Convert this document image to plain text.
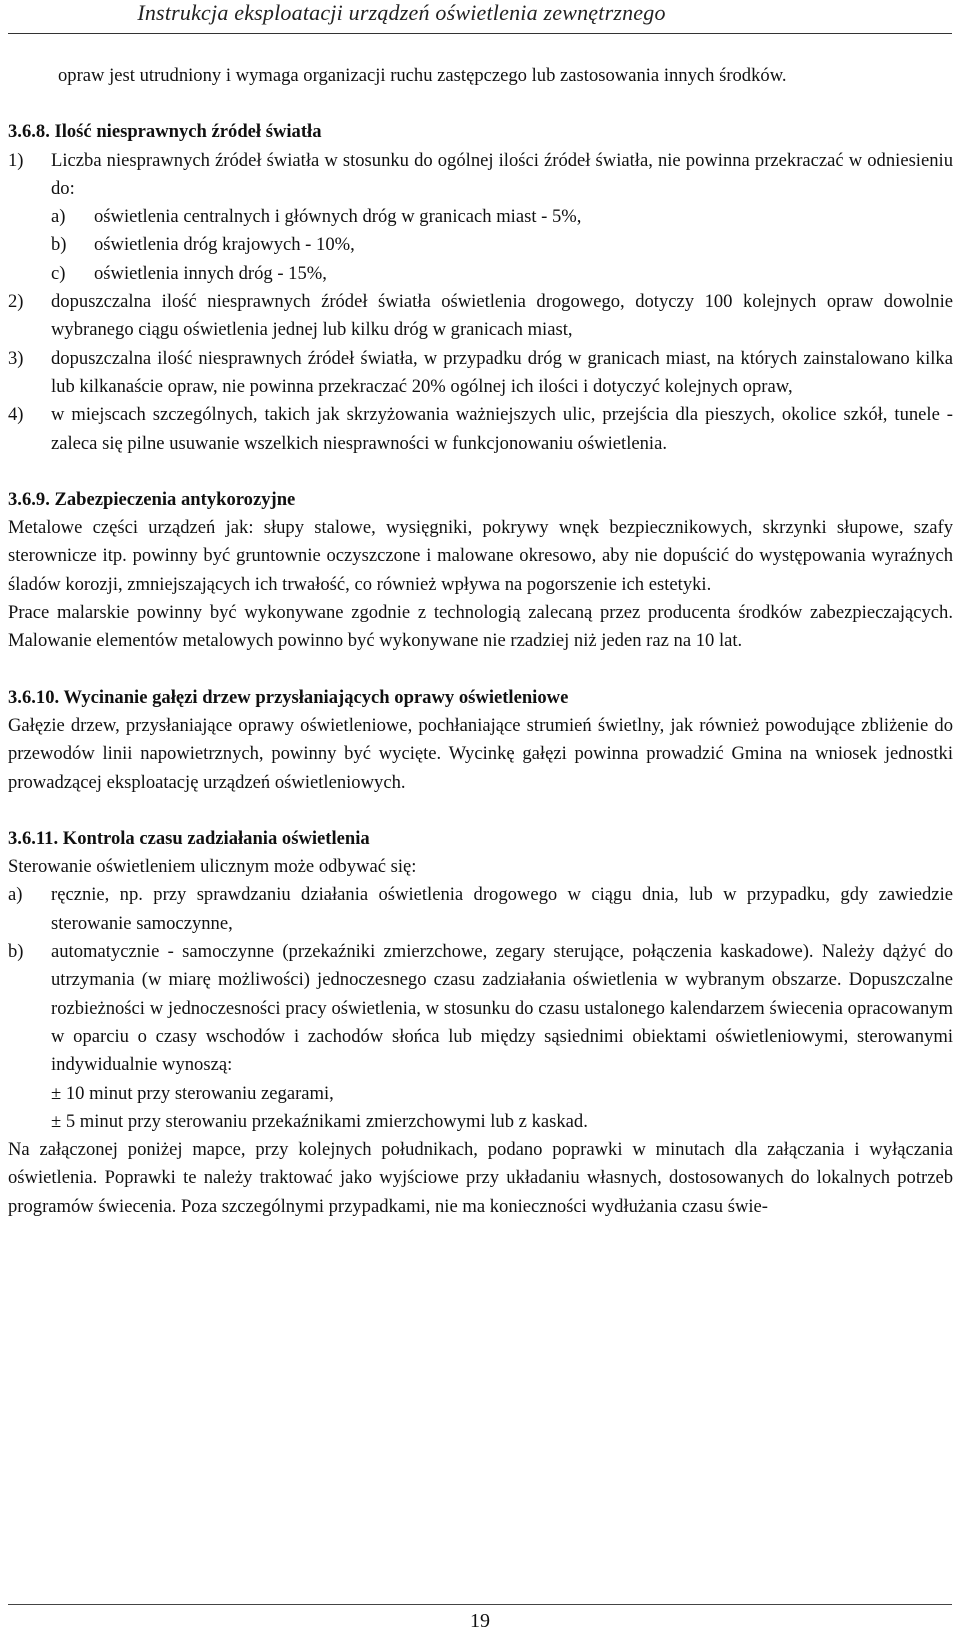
Instrukcja eksploatacji urządzeń oświetlenia zewnętrznego

opraw jest utrudniony i wymaga organizacji ruchu zastępczego lub zastosowania innych środków.

3.6.8. Ilość niesprawnych źródeł światła

1) Liczba niesprawnych źródeł światła w stosunku do ogólnej ilości źródeł światła, nie powinna przekraczać w odniesieniu do:

a) oświetlenia centralnych i głównych dróg w granicach miast - 5%,

b) oświetlenia dróg krajowych - 10%,

c) oświetlenia innych dróg - 15%,

2) dopuszczalna ilość niesprawnych źródeł światła oświetlenia drogowego, dotyczy 100 kolejnych opraw dowolnie wybranego ciągu oświetlenia jednej lub kilku dróg w granicach miast,

3) dopuszczalna ilość niesprawnych źródeł światła, w przypadku dróg w granicach miast, na których zainstalowano kilka lub kilkanaście opraw, nie powinna przekraczać 20% ogólnej ich ilości i dotyczyć kolejnych opraw,

4) w miejscach szczególnych, takich jak skrzyżowania ważniejszych ulic, przejścia dla pieszych, okolice szkół, tunele - zaleca się pilne usuwanie wszelkich niesprawności w funkcjonowaniu oświetlenia.

3.6.9. Zabezpieczenia antykorozyjne

Metalowe części urządzeń jak: słupy stalowe, wysięgniki, pokrywy wnęk bezpiecznikowych, skrzynki słupowe, szafy sterownicze itp. powinny być gruntownie oczyszczone i malowane okresowo, aby nie dopuścić do występowania wyraźnych śladów korozji, zmniejszających ich trwałość, co również wpływa na pogorszenie ich estetyki.

Prace malarskie powinny być wykonywane zgodnie z technologią zalecaną przez producenta środków zabezpieczających. Malowanie elementów metalowych powinno być wykonywane nie rzadziej niż jeden raz na 10 lat.

3.6.10. Wycinanie gałęzi drzew przysłaniających oprawy oświetleniowe

Gałęzie drzew, przysłaniające oprawy oświetleniowe, pochłaniające strumień świetlny, jak również powodujące zbliżenie do przewodów linii napowietrznych, powinny być wycięte. Wycinkę gałęzi powinna prowadzić Gmina na wniosek jednostki prowadzącej eksploatację urządzeń oświetleniowych.

3.6.11. Kontrola czasu zadziałania oświetlenia

Sterowanie oświetleniem ulicznym może odbywać się:

a) ręcznie, np. przy sprawdzaniu działania oświetlenia drogowego w ciągu dnia, lub w przypadku, gdy zawiedzie sterowanie samoczynne,

b) automatycznie - samoczynne (przekaźniki zmierzchowe, zegary sterujące, połączenia kaskadowe). Należy dążyć do utrzymania (w miarę możliwości) jednoczesnego czasu zadziałania oświetlenia w wybranym obszarze. Dopuszczalne rozbieżności w jednoczesności pracy oświetlenia, w stosunku do czasu ustalonego kalendarzem świecenia opracowanym w oparciu o czasy wschodów i zachodów słońca lub między sąsiednimi obiektami oświetleniowymi, sterowanymi indywidualnie wynoszą:

± 10 minut przy sterowaniu zegarami,

± 5 minut przy sterowaniu przekaźnikami zmierzchowymi lub z kaskad.

Na załączonej poniżej mapce, przy kolejnych południkach, podano poprawki w minutach dla załączania i wyłączania oświetlenia. Poprawki te należy traktować jako wyjściowe przy układaniu własnych, dostosowanych do lokalnych potrzeb programów świecenia. Poza szczególnymi przypadkami, nie ma konieczności wydłużania czasu świe-

19
